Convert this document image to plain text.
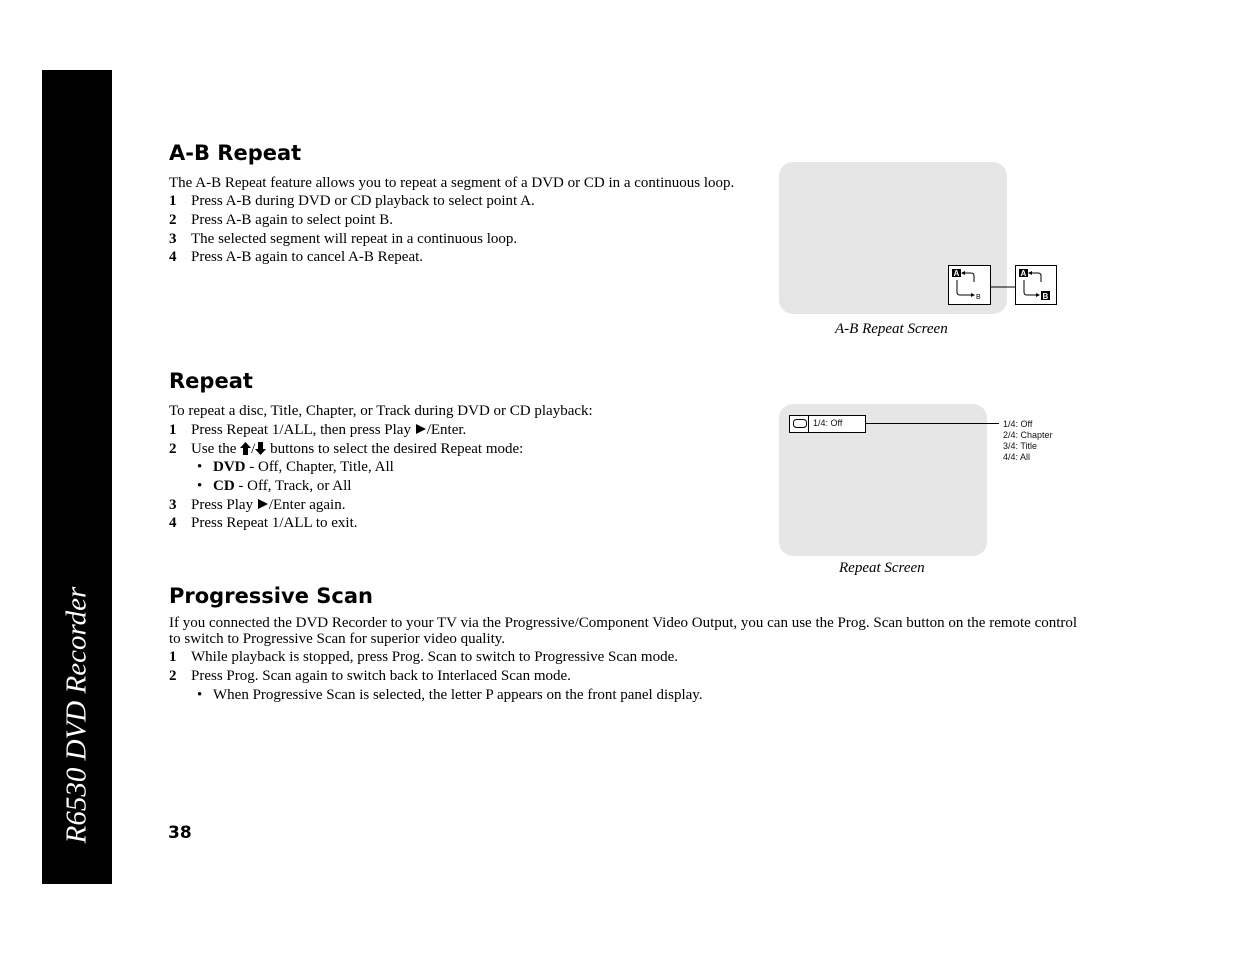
R6530 DVD Recorder
A-B Repeat

The A-B Repeat feature allows you to repeat a segment of a DVD or CD in a continuous loop.

1 Press A-B during DVD or CD playback to select point A.
2 Press A-B again to select point B.
3 The selected segment will repeat in a continuous loop.
4 Press A-B again to cancel A-B Repeat.
A
B
A
B
A-B Repeat Screen
Repeat

To repeat a disc, Title, Chapter, or Track during DVD or CD playback:

1 Press Repeat 1/ALL, then press Play /Enter.
2 Use the / buttons to select the desired Repeat mode:
• DVD - Off, Chapter, Title, All
• CD - Off, Track, or All
3 Press Play /Enter again.
4 Press Repeat 1/ALL to exit.
1/4: Off	1/4: Off
2/4: Chapter
3/4: Title
4/4: All
Repeat Screen
Progressive Scan

If you connected the DVD Recorder to your TV via the Progressive/Component Video Output, you can use the Prog. Scan button on the remote control to switch to Progressive Scan for superior video quality.

1 While playback is stopped, press Prog. Scan to switch to Progressive Scan mode.
2 Press Prog. Scan again to switch back to Interlaced Scan mode.
• When Progressive Scan is selected, the letter P appears on the front panel display.
38
